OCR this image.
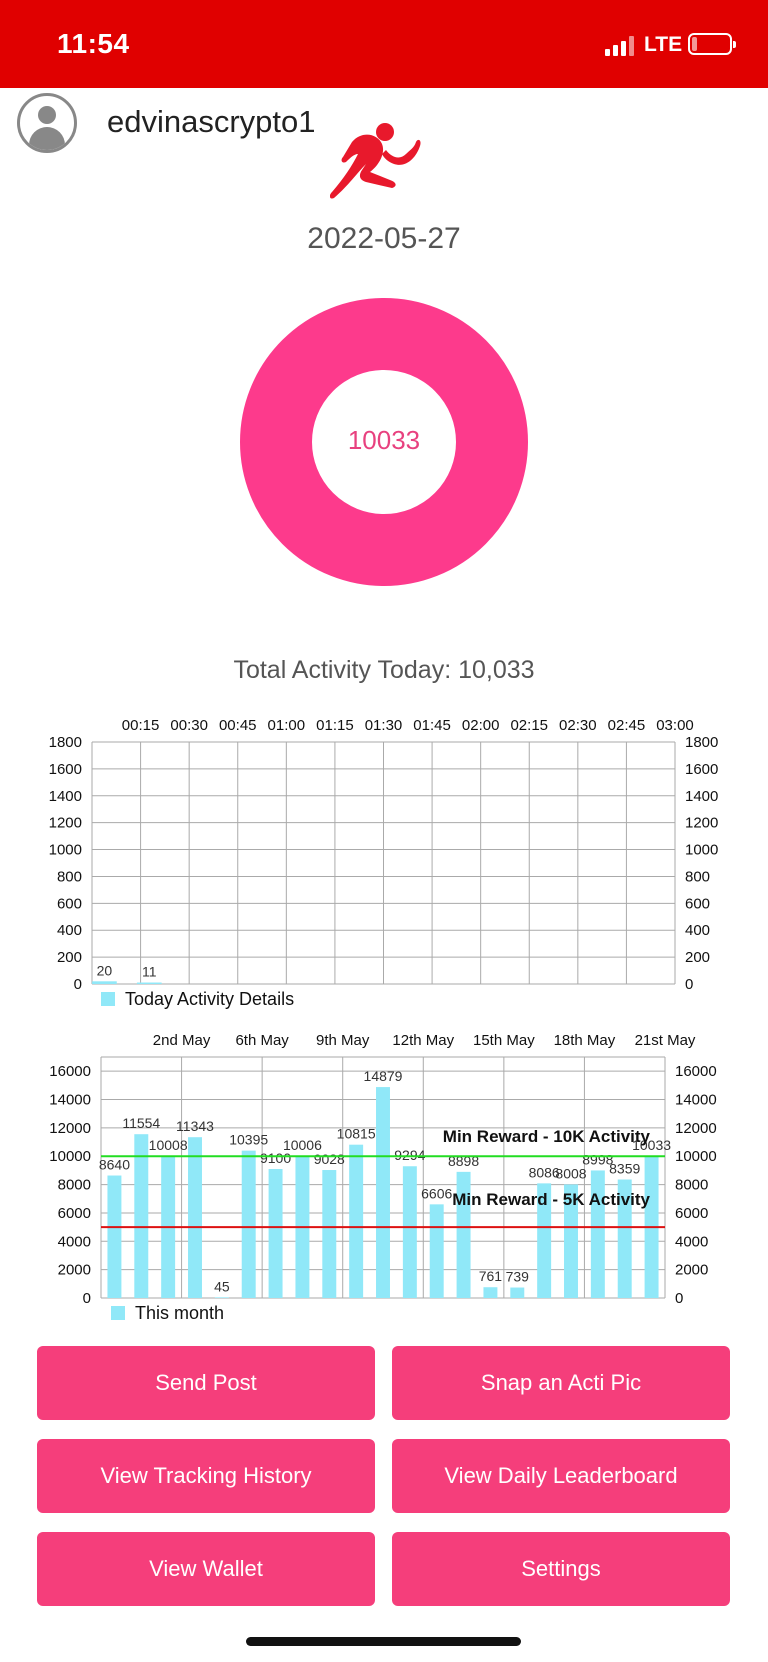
11:54	LTE
edvinascrypto1
2022-05-27
10033
Total Activity Today: 10,033
0	0
200	200
400	400
600	600
800	800
1000	1000
1200	1200
1400	1400
1600	1600
1800	1800
00:15 00:30 00:45 01:00 01:15 01:30 01:45 02:00 02:15 02:30 02:45 03:00
20 11
Today Activity Details
0	0
2000	2000
4000	4000
6000	6000
8000	8000
10000	10000
12000	12000
14000	14000
16000	16000
2nd May 6th May 9th May 12th May 15th May 18th May 21st May
8640
11554
10008
11343
45
10395
9100
10006
9028
10815
14879
9294
6606
8898
761 739
8086
8008
8998
8359
10033
Min Reward - 10K Activity
Min Reward - 5K Activity
This month
Send Post	Snap an Acti Pic
View Tracking History	View Daily Leaderboard
View Wallet	Settings
